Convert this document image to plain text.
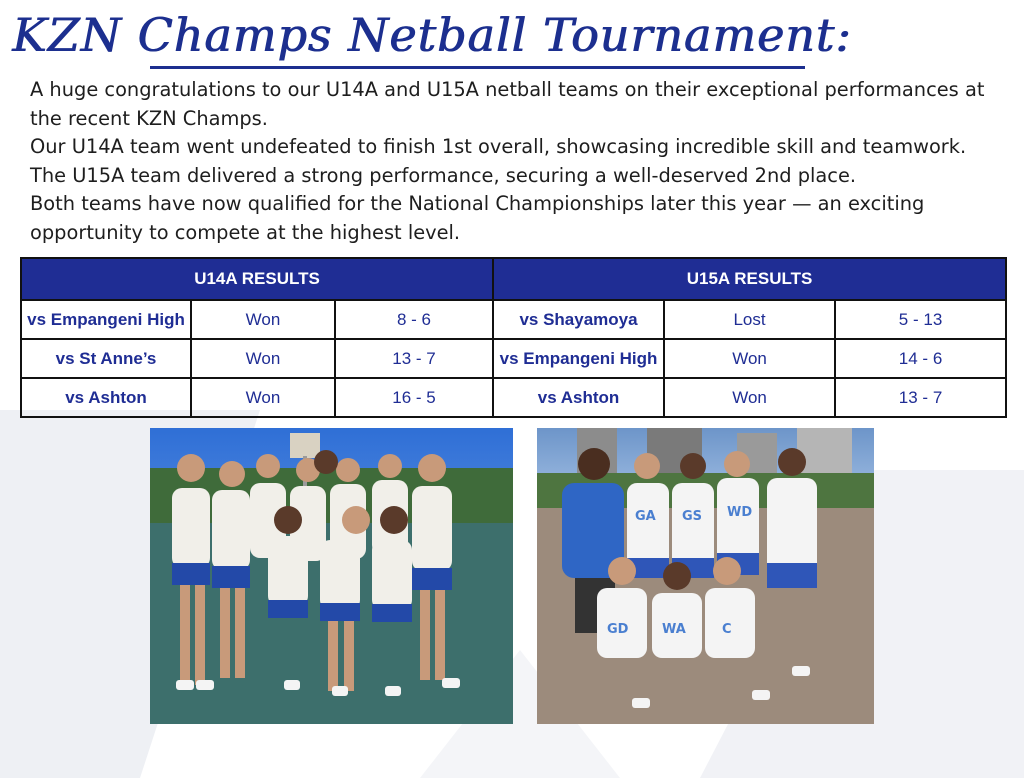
KZN Champs Netball Tournament:

A huge congratulations to our U14A and U15A netball teams on their exceptional performances at the recent KZN Champs.

Our U14A team went undefeated to finish 1st overall, showcasing incredible skill and teamwork.

The U15A team delivered a strong performance, securing a well-deserved 2nd place.

Both teams have now qualified for the National Championships later this year — an exciting opportunity to compete at the highest level.

U14A RESULTS			U15A RESULTS		
vs Empangeni High	Won	8 - 6	vs Shayamoya	Lost	5 - 13
vs St Anne’s	Won	13 - 7	vs Empangeni High	Won	14 - 6
vs Ashton	Won	16 - 5	vs Ashton	Won	13 - 7
GA GS WD
GD	WA	C
